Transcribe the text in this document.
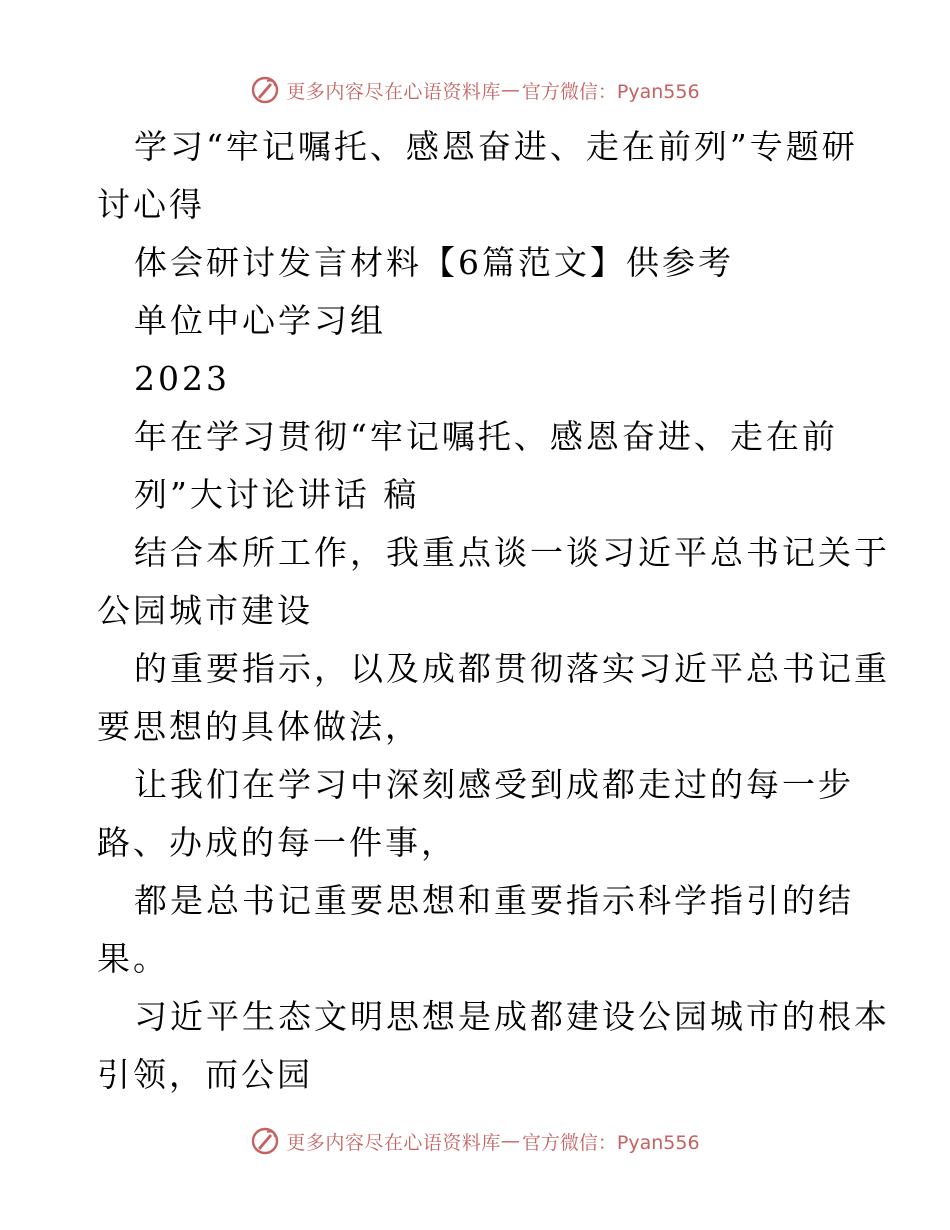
更多内容尽在心语资料库 — 官方微信：Pyan556
学习“牢记嘱托、感恩奋进、走在前列”专题研
讨心得
体会研讨发言材料【6篇范文】供参考
单位中心学习组
2023
年在学习贯彻“牢记嘱托、感恩奋进、走在前
列”大讨论讲话 稿
结合本所工作，我重点谈一谈习近平总书记关于
公园城市建设
的重要指示，以及成都贯彻落实习近平总书记重
要思想的具体做法，
让我们在学习中深刻感受到成都走过的每一步
路、办成的每一件事，
都是总书记重要思想和重要指示科学指引的结
果。
习近平生态文明思想是成都建设公园城市的根本
引领，而公园
更多内容尽在心语资料库 — 官方微信：Pyan556
